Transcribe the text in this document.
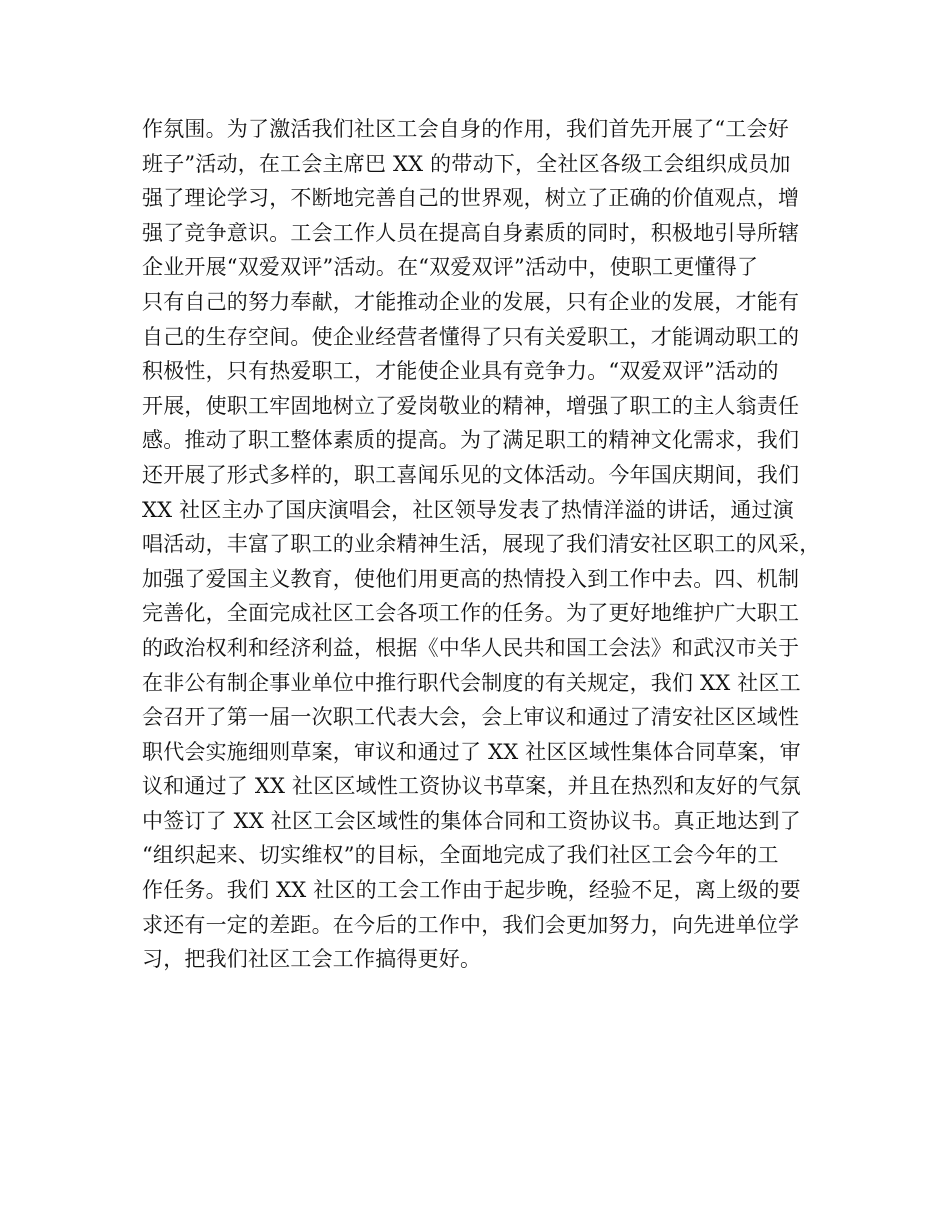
作氛围。为了激活我们社区工会自身的作用，我们首先开展了“工会好
班子”活动，在工会主席巴 XX 的带动下，全社区各级工会组织成员加
强了理论学习，不断地完善自己的世界观，树立了正确的价值观点，增
强了竞争意识。工会工作人员在提高自身素质的同时，积极地引导所辖
企业开展“双爱双评”活动。在“双爱双评”活动中，使职工更懂得了
只有自己的努力奉献，才能推动企业的发展，只有企业的发展，才能有
自己的生存空间。使企业经营者懂得了只有关爱职工，才能调动职工的
积极性，只有热爱职工，才能使企业具有竞争力。“双爱双评”活动的
开展，使职工牢固地树立了爱岗敬业的精神，增强了职工的主人翁责任
感。推动了职工整体素质的提高。为了满足职工的精神文化需求，我们
还开展了形式多样的，职工喜闻乐见的文体活动。今年国庆期间，我们
XX 社区主办了国庆演唱会，社区领导发表了热情洋溢的讲话，通过演
唱活动，丰富了职工的业余精神生活，展现了我们清安社区职工的风采，
加强了爱国主义教育，使他们用更高的热情投入到工作中去。四、机制
完善化，全面完成社区工会各项工作的任务。为了更好地维护广大职工
的政治权利和经济利益，根据《中华人民共和国工会法》和武汉市关于
在非公有制企事业单位中推行职代会制度的有关规定，我们 XX 社区工
会召开了第一届一次职工代表大会，会上审议和通过了清安社区区域性
职代会实施细则草案，审议和通过了 XX 社区区域性集体合同草案，审
议和通过了 XX 社区区域性工资协议书草案，并且在热烈和友好的气氛
中签订了 XX 社区工会区域性的集体合同和工资协议书。真正地达到了
“组织起来、切实维权”的目标，全面地完成了我们社区工会今年的工
作任务。我们 XX 社区的工会工作由于起步晚，经验不足，离上级的要
求还有一定的差距。在今后的工作中，我们会更加努力，向先进单位学
习，把我们社区工会工作搞得更好。
